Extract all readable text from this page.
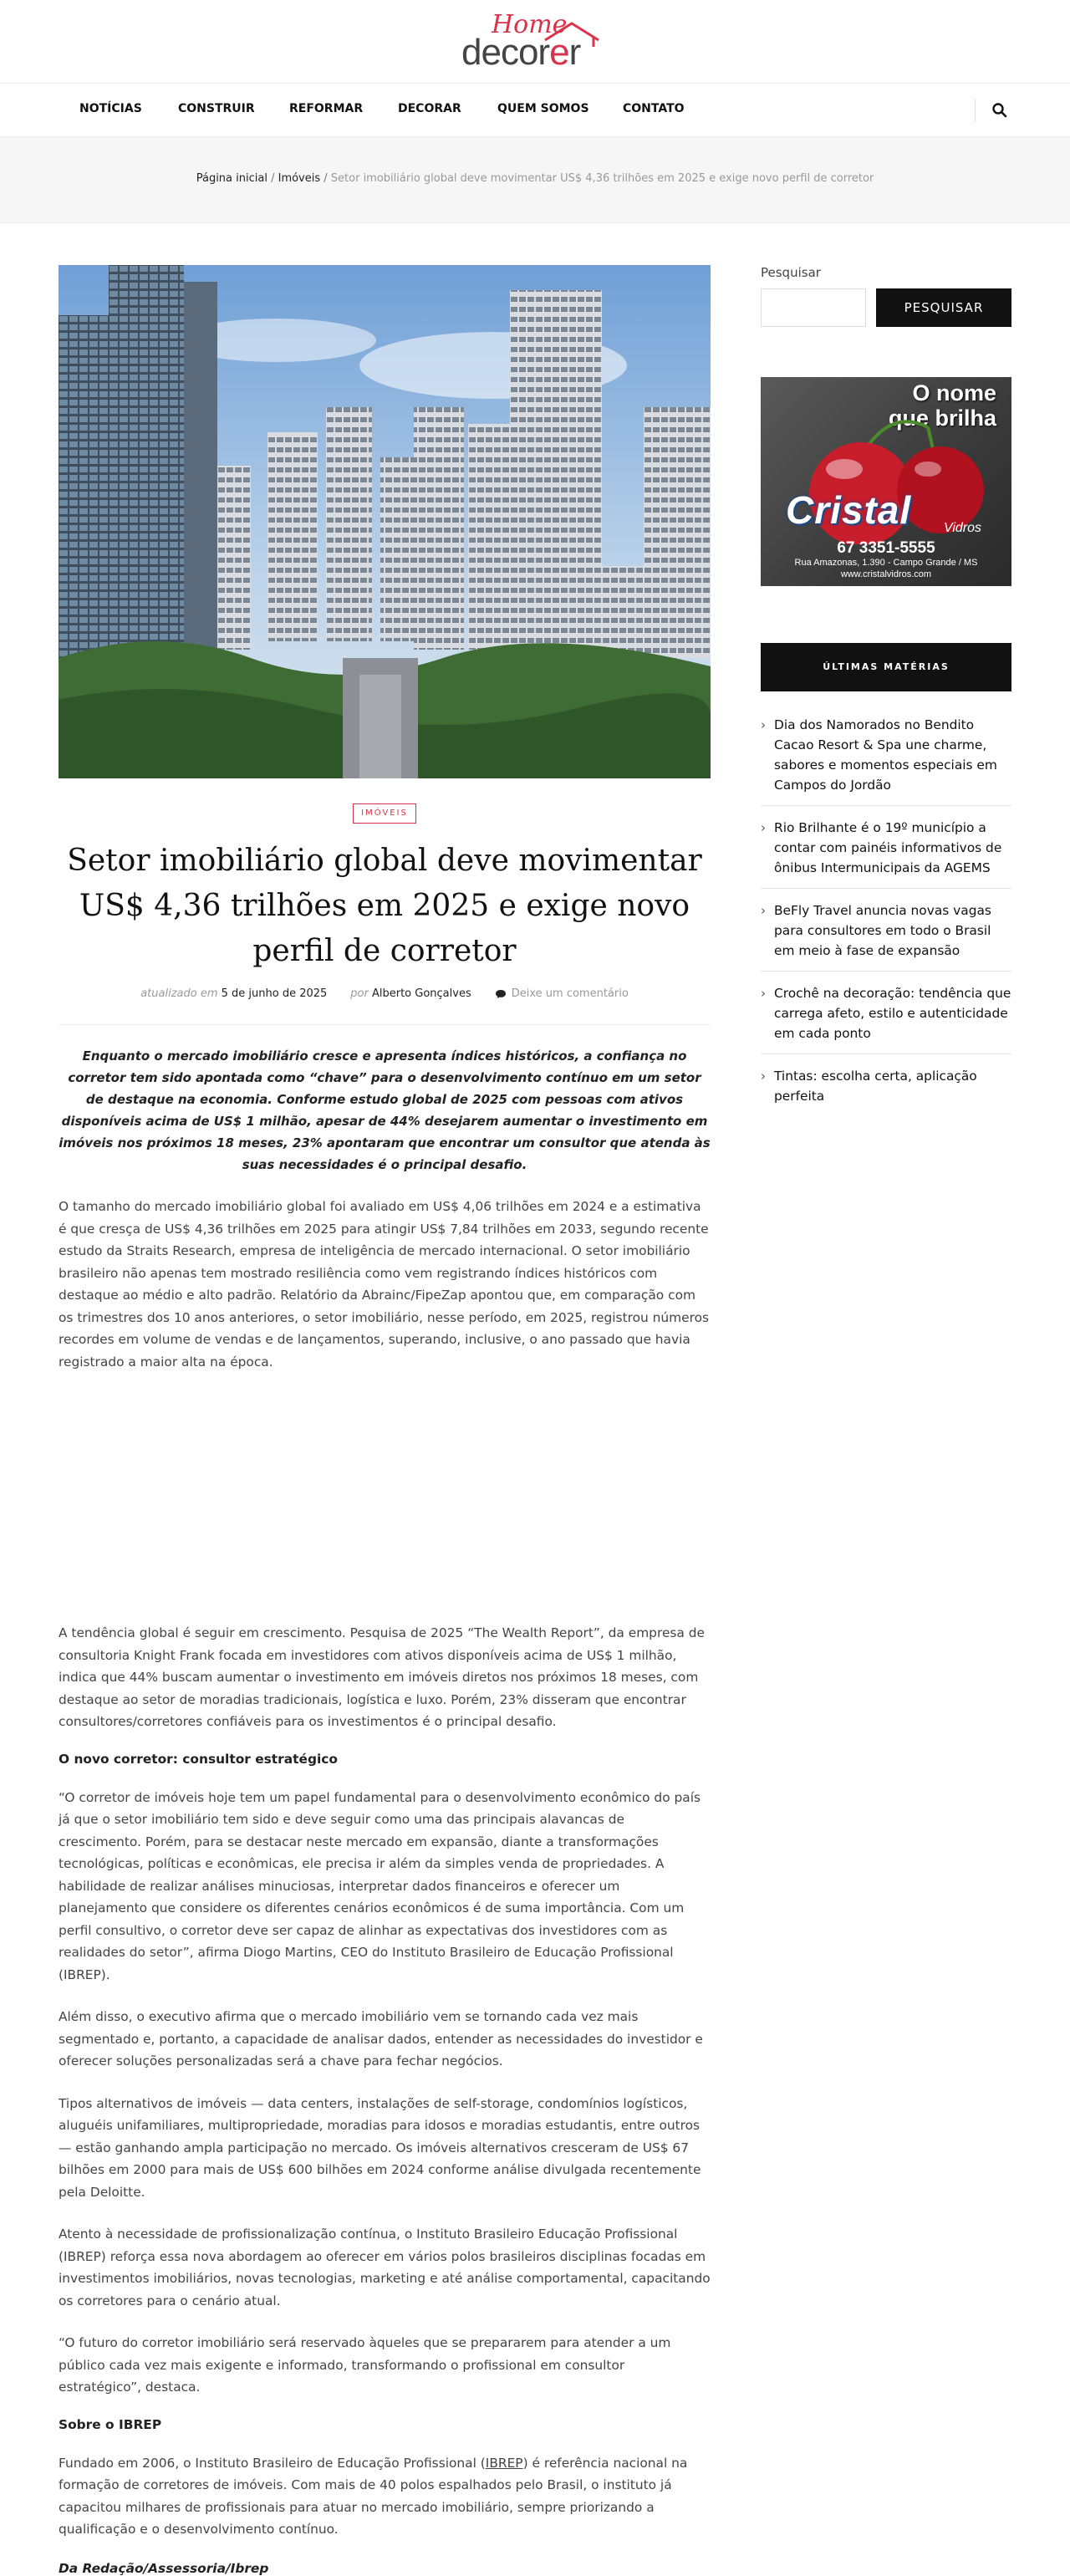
Home
decorer
NOTÍCIAS	CONSTRUIR	REFORMAR	DECORAR	QUEM SOMOS	CONTATO
Página inicial / Imóveis / Setor imobiliário global deve movimentar US$ 4,36 trilhões em 2025 e exige novo perfil de corretor
IMÓVEIS
Setor imobiliário global deve movimentar US$ 4,36 trilhões em 2025 e exige novo perfil de corretor
atualizado em 5 de junho de 2025 por Alberto Gonçalves	Deixe um comentário

Enquanto o mercado imobiliário cresce e apresenta índices históricos, a confiança no corretor tem sido apontada como “chave” para o desenvolvimento contínuo em um setor de destaque na economia. Conforme estudo global de 2025 com pessoas com ativos disponíveis acima de US$ 1 milhão, apesar de 44% desejarem aumentar o investimento em imóveis nos próximos 18 meses, 23% apontaram que encontrar um consultor que atenda às suas necessidades é o principal desafio.

O tamanho do mercado imobiliário global foi avaliado em US$ 4,06 trilhões em 2024 e a estimativa é que cresça de US$ 4,36 trilhões em 2025 para atingir US$ 7,84 trilhões em 2033, segundo recente estudo da Straits Research, empresa de inteligência de mercado internacional. O setor imobiliário brasileiro não apenas tem mostrado resiliência como vem registrando índices históricos com destaque ao médio e alto padrão. Relatório da Abrainc/FipeZap apontou que, em comparação com os trimestres dos 10 anos anteriores, o setor imobiliário, nesse período, em 2025, registrou números recordes em volume de vendas e de lançamentos, superando, inclusive, o ano passado que havia registrado a maior alta na época.

A tendência global é seguir em crescimento. Pesquisa de 2025 “The Wealth Report”, da empresa de consultoria Knight Frank focada em investidores com ativos disponíveis acima de US$ 1 milhão, indica que 44% buscam aumentar o investimento em imóveis diretos nos próximos 18 meses, com destaque ao setor de moradias tradicionais, logística e luxo. Porém, 23% disseram que encontrar consultores/corretores confiáveis para os investimentos é o principal desafio.

O novo corretor: consultor estratégico

“O corretor de imóveis hoje tem um papel fundamental para o desenvolvimento econômico do país já que o setor imobiliário tem sido e deve seguir como uma das principais alavancas de crescimento. Porém, para se destacar neste mercado em expansão, diante a transformações tecnológicas, políticas e econômicas, ele precisa ir além da simples venda de propriedades. A habilidade de realizar análises minuciosas, interpretar dados financeiros e oferecer um planejamento que considere os diferentes cenários econômicos é de suma importância. Com um perfil consultivo, o corretor deve ser capaz de alinhar as expectativas dos investidores com as realidades do setor”, afirma Diogo Martins, CEO do Instituto Brasileiro de Educação Profissional (IBREP).

Além disso, o executivo afirma que o mercado imobiliário vem se tornando cada vez mais segmentado e, portanto, a capacidade de analisar dados, entender as necessidades do investidor e oferecer soluções personalizadas será a chave para fechar negócios.

Tipos alternativos de imóveis — data centers, instalações de self-storage, condomínios logísticos, aluguéis unifamiliares, multipropriedade, moradias para idosos e moradias estudantis, entre outros — estão ganhando ampla participação no mercado. Os imóveis alternativos cresceram de US$ 67 bilhões em 2000 para mais de US$ 600 bilhões em 2024 conforme análise divulgada recentemente pela Deloitte.

Atento à necessidade de profissionalização contínua, o Instituto Brasileiro Educação Profissional (IBREP) reforça essa nova abordagem ao oferecer em vários polos brasileiros disciplinas focadas em investimentos imobiliários, novas tecnologias, marketing e até análise comportamental, capacitando os corretores para o cenário atual.

“O futuro do corretor imobiliário será reservado àqueles que se prepararem para atender a um público cada vez mais exigente e informado, transformando o profissional em consultor estratégico”, destaca.

Sobre o IBREP

Fundado em 2006, o Instituto Brasileiro de Educação Profissional (IBREP) é referência nacional na formação de corretores de imóveis. Com mais de 40 polos espalhados pelo Brasil, o instituto já capacitou milhares de profissionais para atuar no mercado imobiliário, sempre priorizando a qualificação e o desenvolvimento contínuo.

Da Redação/Assessoria/Ibrep

Pesquisar
PESQUISAR
O nome
que brilha
Cristal Vidros
67 3351-5555
Rua Amazonas, 1.390 - Campo Grande / MS
www.cristalvidros.com
ÚLTIMAS MATÉRIAS
› Dia dos Namorados no Bendito Cacao Resort & Spa une charme, sabores e momentos especiais em Campos do Jordão
› Rio Brilhante é o 19º município a contar com painéis informativos de ônibus Intermunicipais da AGEMS
› BeFly Travel anuncia novas vagas para consultores em todo o Brasil em meio à fase de expansão
› Crochê na decoração: tendência que carrega afeto, estilo e autenticidade em cada ponto
› Tintas: escolha certa, aplicação perfeita
